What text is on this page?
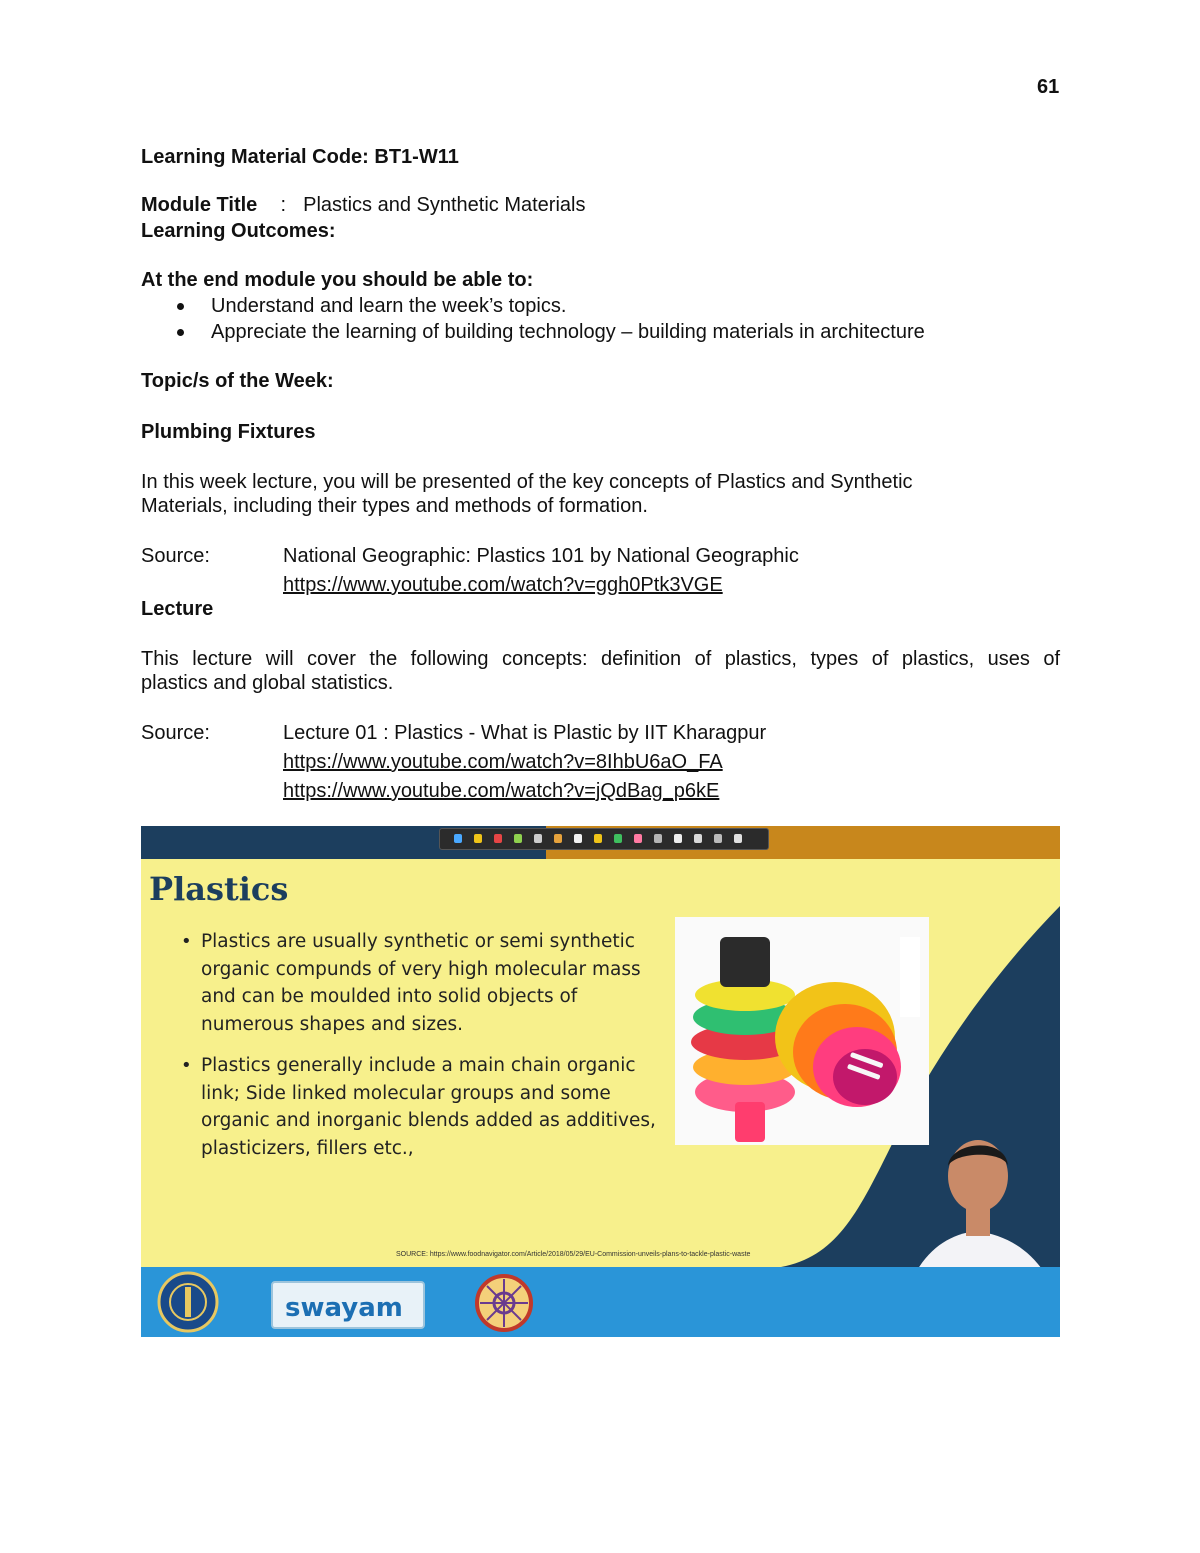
61
Learning Material Code: BT1-W11
Module Title : Plastics and Synthetic Materials
Learning Outcomes:
At the end module you should be able to:
Understand and learn the week’s topics.
Appreciate the learning of building technology – building materials in architecture
Topic/s of the Week:
Plumbing Fixtures
In this week lecture, you will be presented of the key concepts of Plastics and Synthetic
Materials, including their types and methods of formation.
Source:	National Geographic: Plastics 101 by National Geographic
https://www.youtube.com/watch?v=ggh0Ptk3VGE
Lecture
This lecture will cover the following concepts: definition of plastics, types of plastics, uses of
plastics and global statistics.
Source:	Lecture 01 : Plastics - What is Plastic by IIT Kharagpur
https://www.youtube.com/watch?v=8IhbU6aO_FA
https://www.youtube.com/watch?v=jQdBag_p6kE
Plastics
• Plastics are usually synthetic or semi synthetic organic compunds of very high molecular mass and can be moulded into solid objects of numerous shapes and sizes.
• Plastics generally include a main chain organic link; Side linked molecular groups and some organic and inorganic blends added as additives, plasticizers, fillers etc.,
SOURCE: https://www.foodnavigator.com/Article/2018/05/29/EU-Commission-unveils-plans-to-tackle-plastic-waste
swayam
